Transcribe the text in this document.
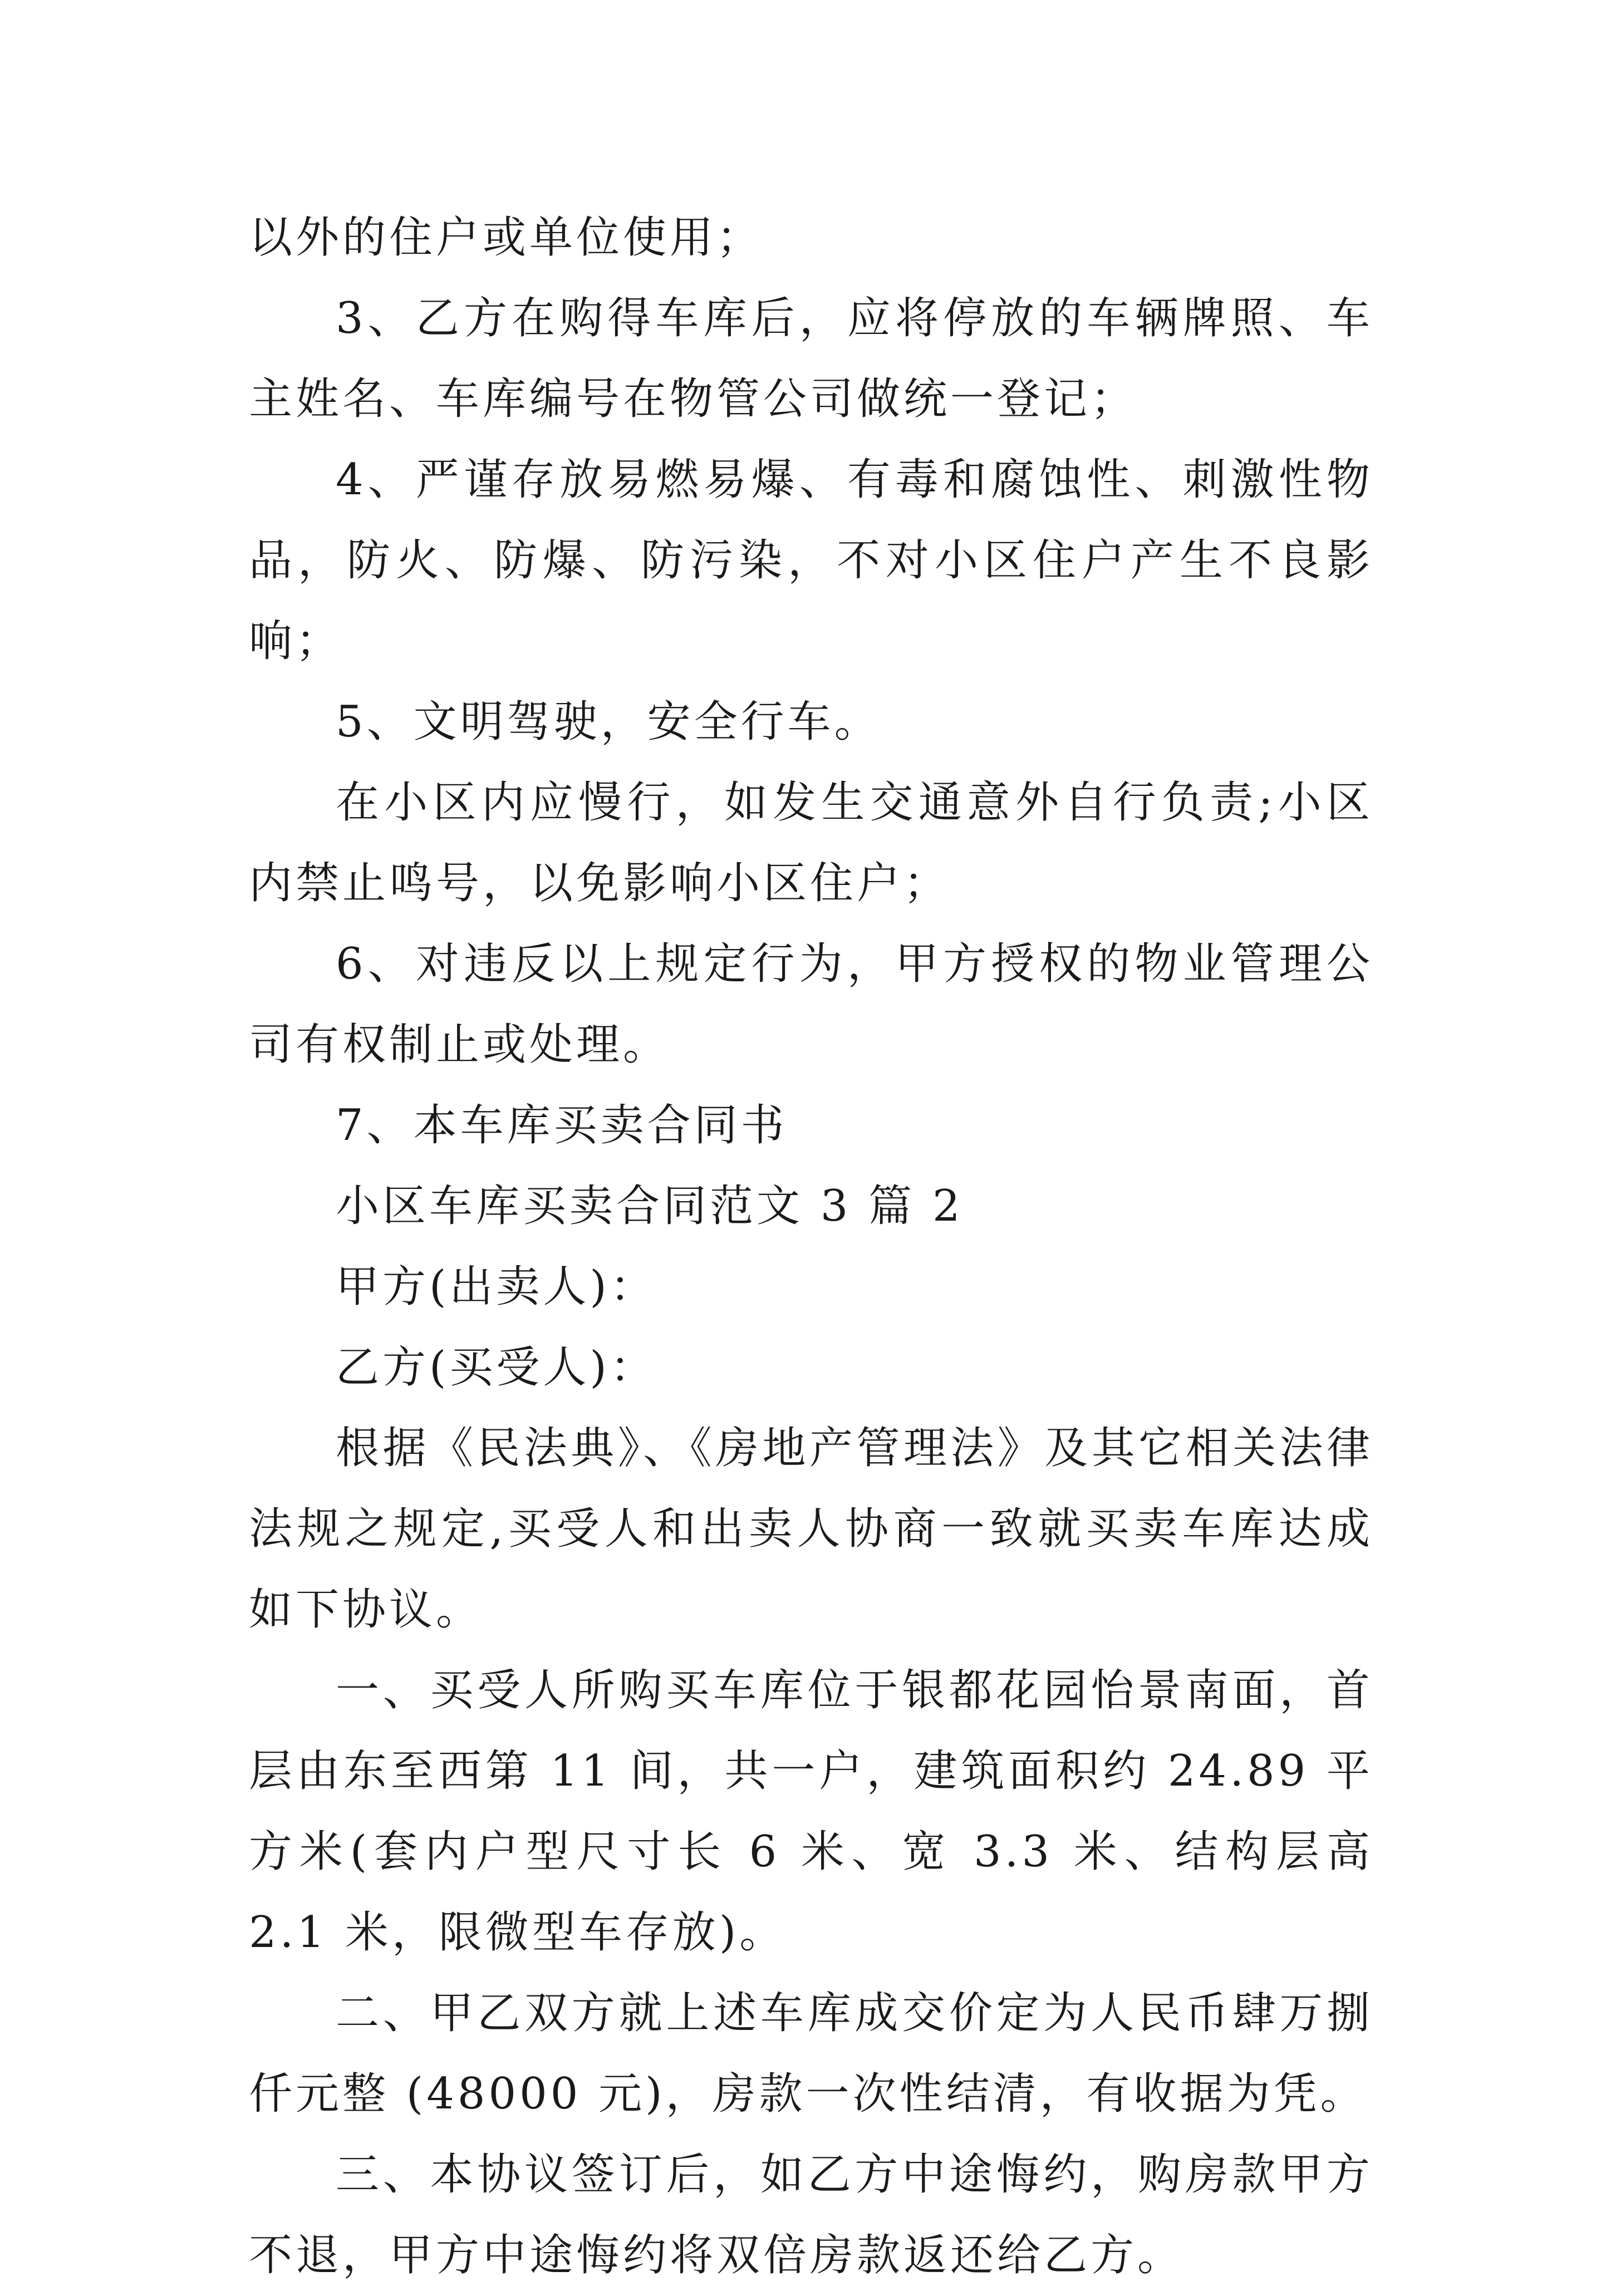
以外的住户或单位使用；

3、乙方在购得车库后，应将停放的车辆牌照、车主姓名、车库编号在物管公司做统一登记；

4、严谨存放易燃易爆、有毒和腐蚀性、刺激性物品，防火、防爆、防污染，不对小区住户产生不良影响；

5、文明驾驶，安全行车。

在小区内应慢行，如发生交通意外自行负责;小区内禁止鸣号，以免影响小区住户；

6、对违反以上规定行为，甲方授权的物业管理公司有权制止或处理。

7、本车库买卖合同书

小区车库买卖合同范文 3 篇 2

甲方(出卖人)：

乙方(买受人)：

根据《民法典》、《房地产管理法》及其它相关法律法规之规定,买受人和出卖人协商一致就买卖车库达成如下协议。

一、买受人所购买车库位于银都花园怡景南面，首层由东至西第 11 间，共一户，建筑面积约 24.89 平方米(套内户型尺寸长 6 米、宽 3.3 米、结构层高 2.1 米，限微型车存放)。

二、甲乙双方就上述车库成交价定为人民币肆万捌仟元整 (48000 元)，房款一次性结清，有收据为凭。

三、本协议签订后，如乙方中途悔约，购房款甲方不退，甲方中途悔约将双倍房款返还给乙方。
